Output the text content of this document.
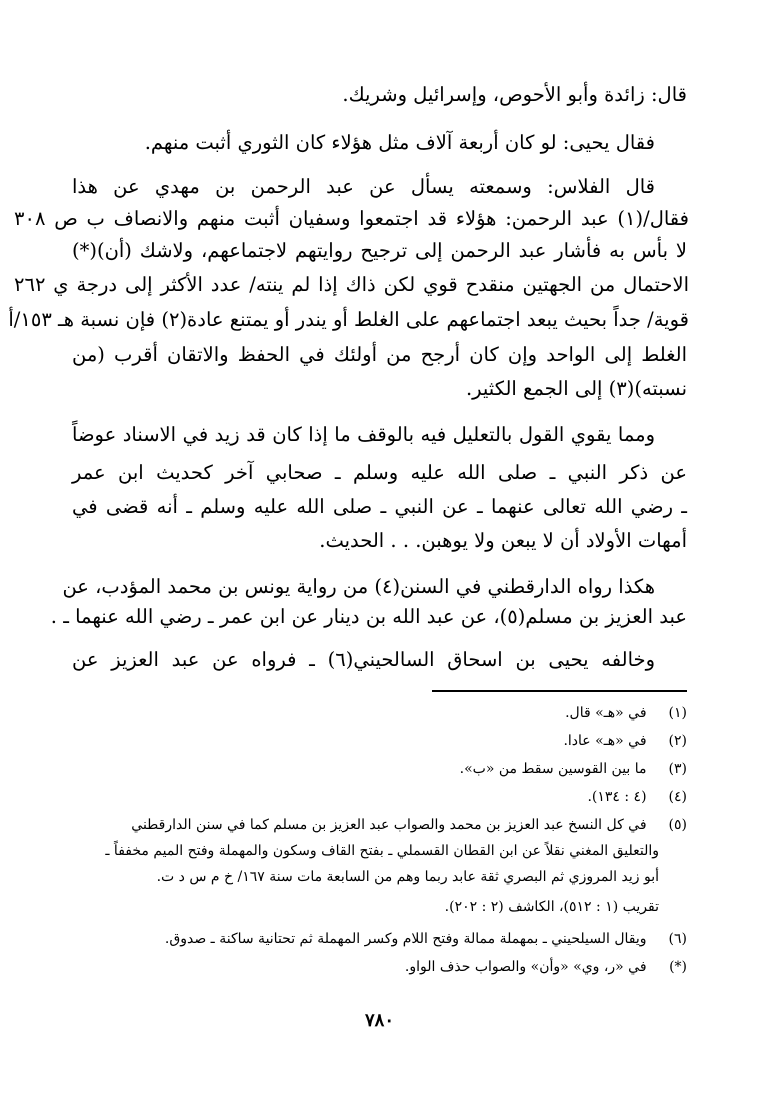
قال: زائدة وأبو الأحوص، وإسرائيل وشريك.
فقال يحيى: لو كان أربعة آلاف مثل هؤلاء كان الثوري أثبت منهم.
قال الفلاس: وسمعته يسأل عن عبد الرحمن بن مهدي عن هذا
فقال/(١) عبد الرحمن: هؤلاء قد اجتمعوا وسفيان أثبت منهم والانصاف ب ص ٣٠٨
لا بأس به فأشار عبد الرحمن إلى ترجيح روايتهم لاجتماعهم، ولاشك (أن)(*)
الاحتمال من الجهتين منقدح قوي لكن ذاك إذا لم ينته/ عدد الأكثر إلى درجة ي ٢٦٢
قوية/ جداً بحيث يبعد اجتماعهم على الغلط أو يندر أو يمتنع عادة(٢) فإن نسبة هـ ١٥٣/أ
الغلط إلى الواحد وإن كان أرجح من أولئك في الحفظ والاتقان أقرب (من
نسبته)(٣) إلى الجمع الكثير.
ومما يقوي القول بالتعليل فيه بالوقف ما إذا كان قد زيد في الاسناد عوضاً
عن ذكر النبي ـ صلى الله عليه وسلم ـ صحابي آخر كحديث ابن عمر
ـ رضي الله تعالى عنهما ـ عن النبي ـ صلى الله عليه وسلم ـ أنه قضى في
أمهات الأولاد أن لا يبعن ولا يوهبن. . . الحديث.
هكذا رواه الدارقطني في السنن(٤) من رواية يونس بن محمد المؤدب، عن
عبد العزيز بن مسلم(٥)، عن عبد الله بن دينار عن ابن عمر ـ رضي الله عنهما ـ .
وخالفه يحيى بن اسحاق السالحيني(٦) ـ فرواه عن عبد العزيز عن
(١) في «هـ» قال.
(٢) في «هـ» عادا.
(٣) ما بين القوسين سقط من «ب».
(٤) (٤ : ١٣٤).
(٥) في كل النسخ عبد العزيز بن محمد والصواب عبد العزيز بن مسلم كما في سنن الدارقطني
والتعليق المغني نقلاً عن ابن القطان القسملي ـ بفتح القاف وسكون والمهملة وفتح الميم مخففاً ـ
أبو زيد المروزي ثم البصري ثقة عابد ربما وهم من السابعة مات سنة ١٦٧/ خ م س د ت.
تقريب (١ : ٥١٢)، الكاشف (٢ : ٢٠٢).
(٦) ويقال السيلحيني ـ بمهملة ممالة وفتح اللام وكسر المهملة ثم تحتانية ساكنة ـ صدوق.
(*) في «ر، وي» «وأن» والصواب حذف الواو.
٧٨٠
